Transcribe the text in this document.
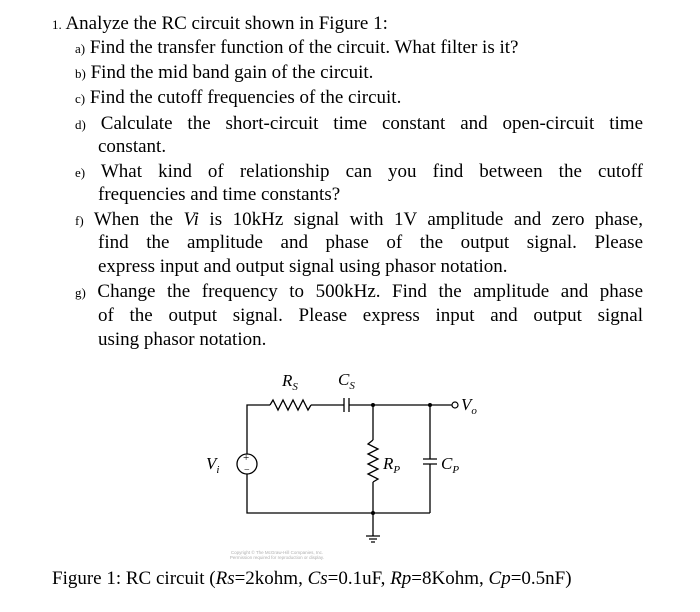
1. Analyze the RC circuit shown in Figure 1:
a) Find the transfer function of the circuit. What filter is it?
b) Find the mid band gain of the circuit.
c) Find the cutoff frequencies of the circuit.
d) Calculate the short-circuit time constant and open-circuit time
constant.
e) What kind of relationship can you find between the cutoff
frequencies and time constants?
f) When the Vi is 10kHz signal with 1V amplitude and zero phase,
find the amplitude and phase of the output signal. Please
express input and output signal using phasor notation.
g) Change the frequency to 500kHz. Find the amplitude and phase
of the output signal. Please express input and output signal
using phasor notation.
+
−
$R_S$ $C_S$
$R_P$ $C_P$
$V_i$
$V_o$
Copyright © The McGraw-Hill Companies, Inc.
Permission required for reproduction or display.
Figure 1: RC circuit (Rs=2kohm, Cs=0.1uF, Rp=8Kohm, Cp=0.5nF)
